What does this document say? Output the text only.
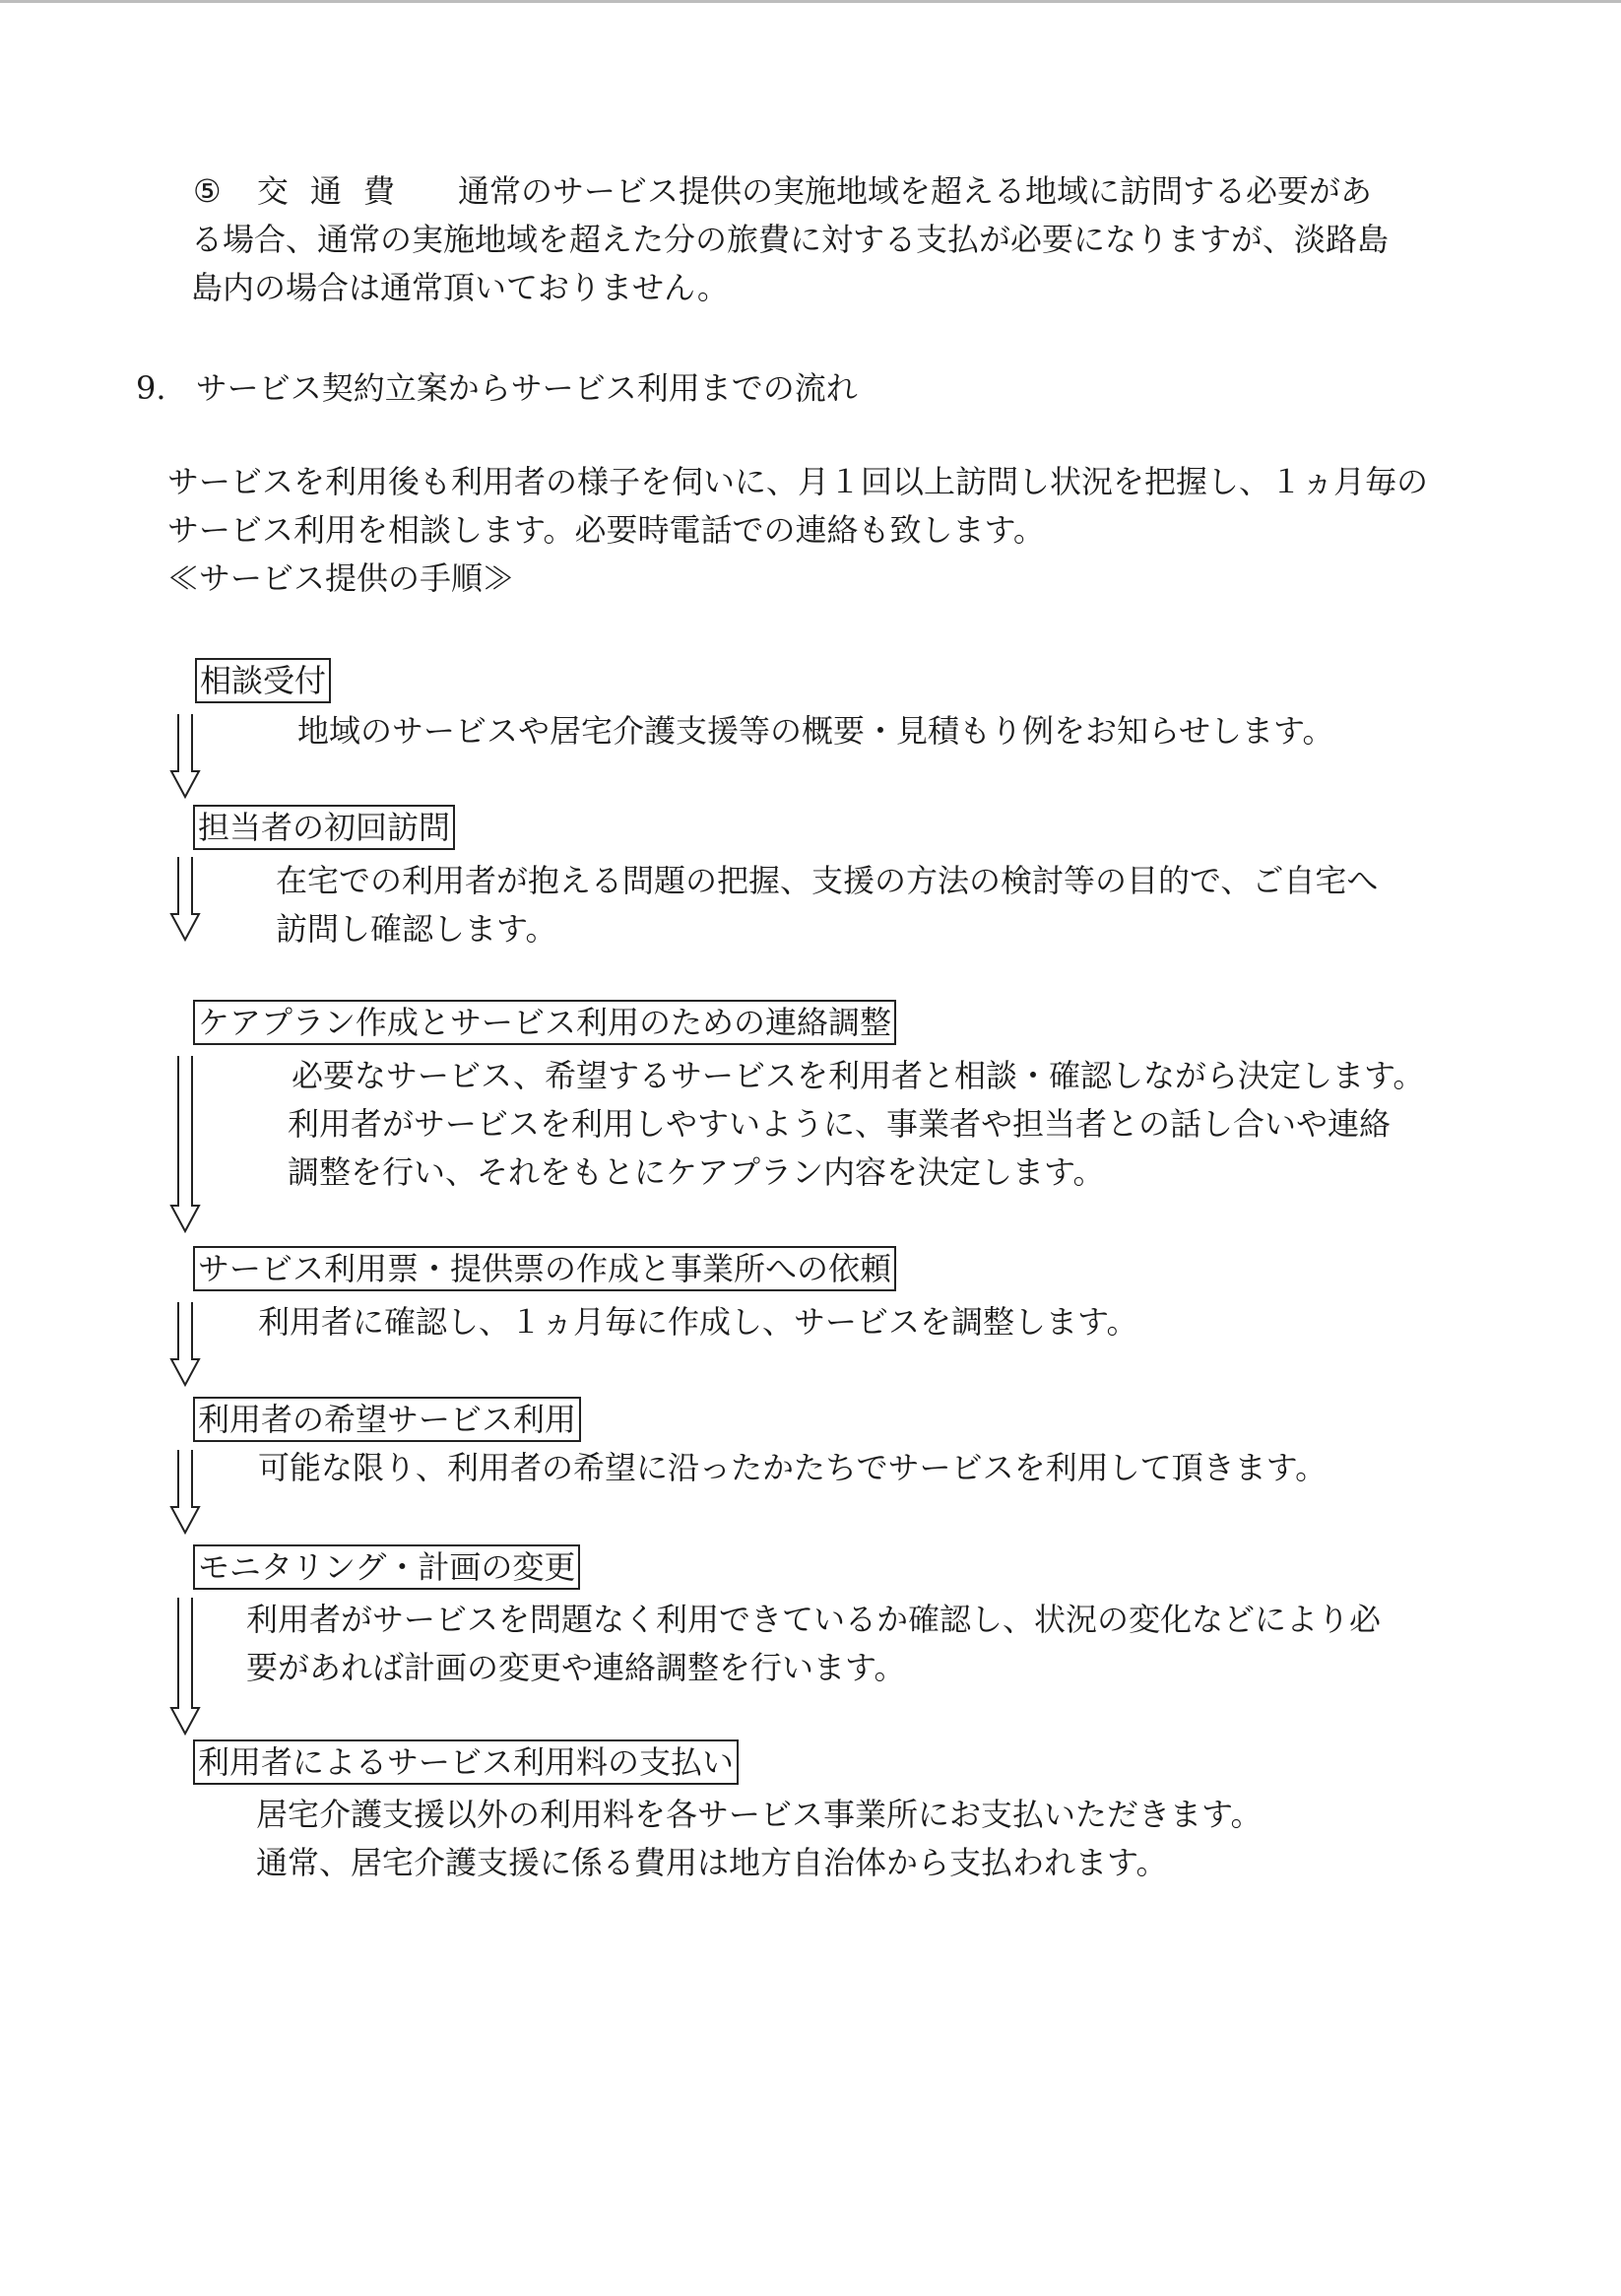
⑤ 交通費 通常のサービス提供の実施地域を超える地域に訪問する必要があ
る場合、通常の実施地域を超えた分の旅費に対する支払が必要になりますが、淡路島
島内の場合は通常頂いておりません。
9. サービス契約立案からサービス利用までの流れ
サービスを利用後も利用者の様子を伺いに、月１回以上訪問し状況を把握し、１ヵ月毎の
サービス利用を相談します。必要時電話での連絡も致します。
≪サービス提供の手順≫
相談受付
地域のサービスや居宅介護支援等の概要・見積もり例をお知らせします。
担当者の初回訪問
在宅での利用者が抱える問題の把握、支援の方法の検討等の目的で、ご自宅へ
訪問し確認します。
ケアプラン作成とサービス利用のための連絡調整
必要なサービス、希望するサービスを利用者と相談・確認しながら決定します。
利用者がサービスを利用しやすいように、事業者や担当者との話し合いや連絡
調整を行い、それをもとにケアプラン内容を決定します。
サービス利用票・提供票の作成と事業所への依頼
利用者に確認し、１ヵ月毎に作成し、サービスを調整します。
利用者の希望サービス利用
可能な限り、利用者の希望に沿ったかたちでサービスを利用して頂きます。
モニタリング・計画の変更
利用者がサービスを問題なく利用できているか確認し、状況の変化などにより必
要があれば計画の変更や連絡調整を行います。
利用者によるサービス利用料の支払い
居宅介護支援以外の利用料を各サービス事業所にお支払いただきます。
通常、居宅介護支援に係る費用は地方自治体から支払われます。
